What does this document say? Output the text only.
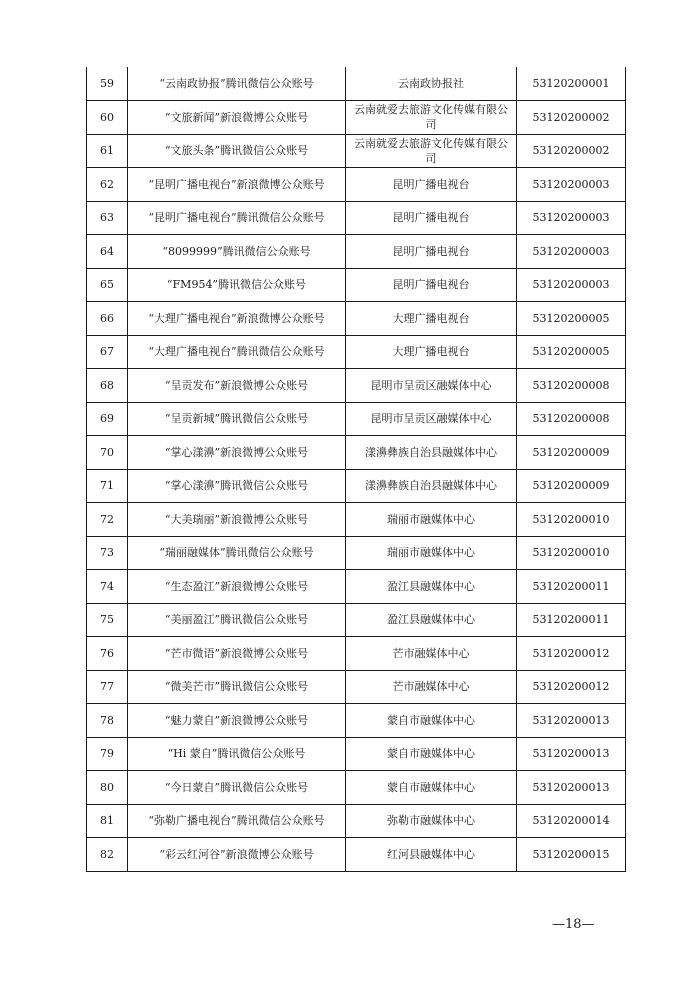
59	“云南政协报”腾讯微信公众账号	云南政协报社	53120200001
60	“文旅新闻”新浪微博公众账号	云南就爱去旅游文化传媒有限公司	53120200002
61	“文旅头条”腾讯微信公众账号	云南就爱去旅游文化传媒有限公司	53120200002
62	“昆明广播电视台”新浪微博公众账号	昆明广播电视台	53120200003
63	“昆明广播电视台”腾讯微信公众账号	昆明广播电视台	53120200003
64	“8099999”腾讯微信公众账号	昆明广播电视台	53120200003
65	“FM954”腾讯微信公众账号	昆明广播电视台	53120200003
66	“大理广播电视台”新浪微博公众账号	大理广播电视台	53120200005
67	“大理广播电视台”腾讯微信公众账号	大理广播电视台	53120200005
68	“呈贡发布”新浪微博公众账号	昆明市呈贡区融媒体中心	53120200008
69	“呈贡新城”腾讯微信公众账号	昆明市呈贡区融媒体中心	53120200008
70	“掌心漾濞”新浪微博公众账号	漾濞彝族自治县融媒体中心	53120200009
71	“掌心漾濞”腾讯微信公众账号	漾濞彝族自治县融媒体中心	53120200009
72	“大美瑞丽”新浪微博公众账号	瑞丽市融媒体中心	53120200010
73	“瑞丽融媒体”腾讯微信公众账号	瑞丽市融媒体中心	53120200010
74	“生态盈江”新浪微博公众账号	盈江县融媒体中心	53120200011
75	“美丽盈江”腾讯微信公众账号	盈江县融媒体中心	53120200011
76	“芒市微语”新浪微博公众账号	芒市融媒体中心	53120200012
77	“微美芒市”腾讯微信公众账号	芒市融媒体中心	53120200012
78	“魅力蒙自”新浪微博公众账号	蒙自市融媒体中心	53120200013
79	“Hi 蒙自”腾讯微信公众账号	蒙自市融媒体中心	53120200013
80	“今日蒙自”腾讯微信公众账号	蒙自市融媒体中心	53120200013
81	“弥勒广播电视台”腾讯微信公众账号	弥勒市融媒体中心	53120200014
82	“彩云红河谷”新浪微博公众账号	红河县融媒体中心	53120200015
—18—
